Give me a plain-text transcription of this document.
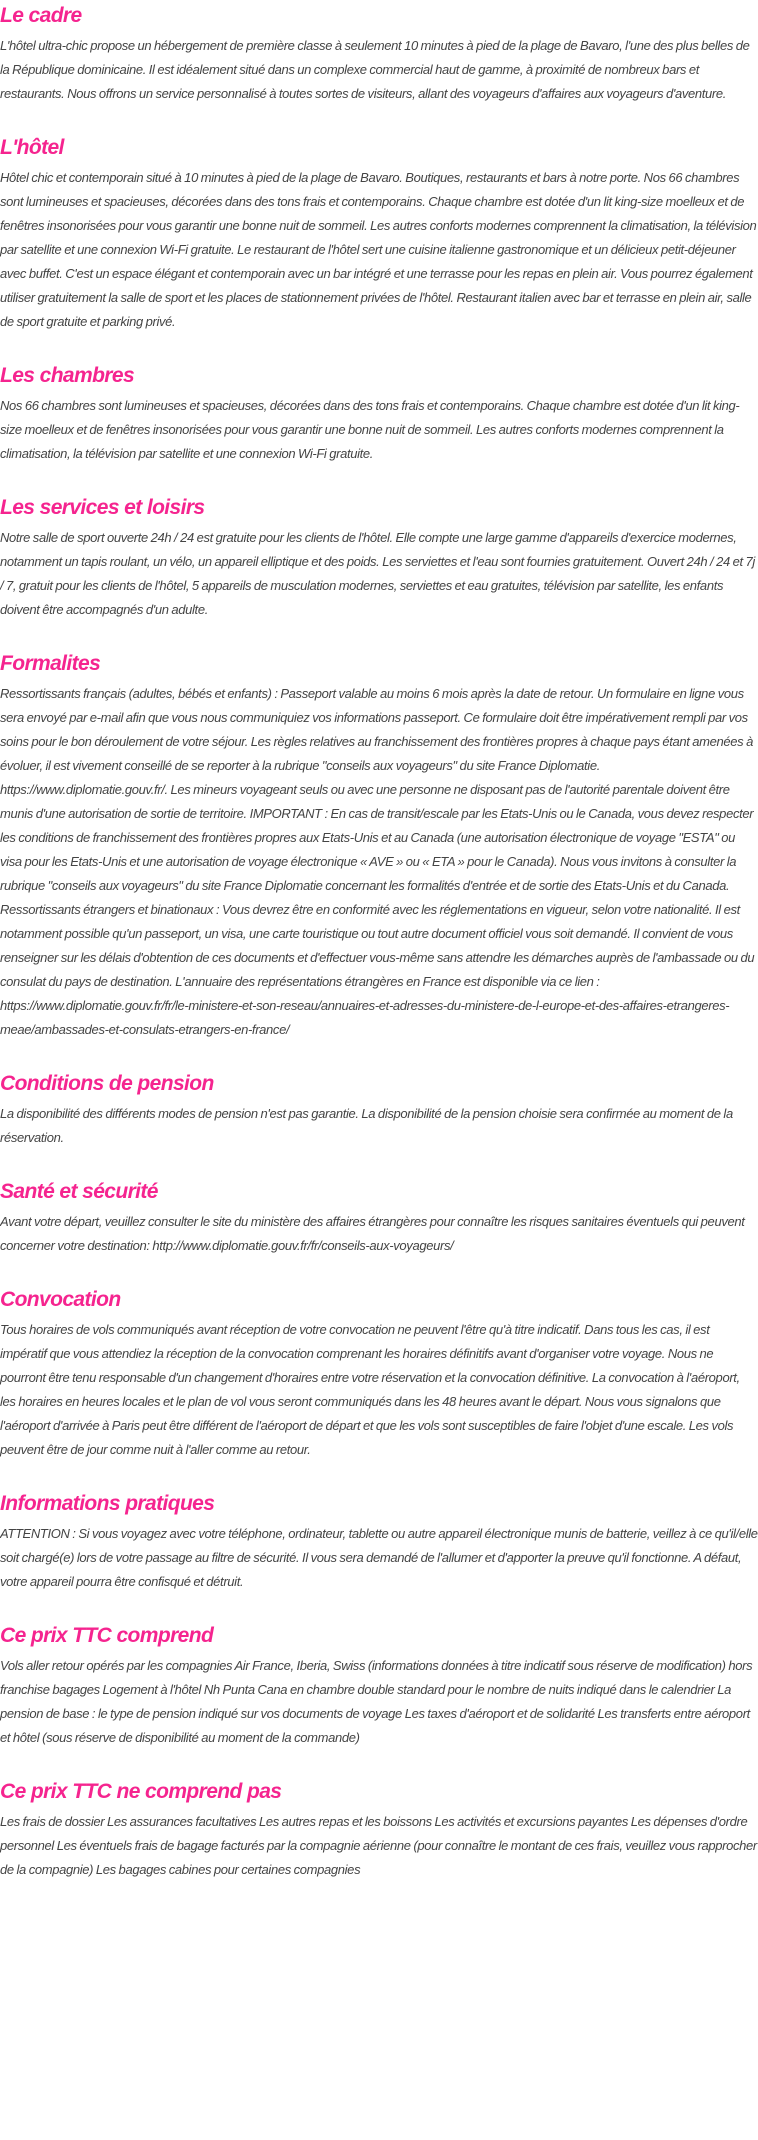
Le cadre

L'hôtel ultra-chic propose un hébergement de première classe à seulement 10 minutes à pied de la plage de Bavaro, l'une des plus belles de la République dominicaine. Il est idéalement situé dans un complexe commercial haut de gamme, à proximité de nombreux bars et restaurants. Nous offrons un service personnalisé à toutes sortes de visiteurs, allant des voyageurs d'affaires aux voyageurs d'aventure.

L'hôtel

Hôtel chic et contemporain situé à 10 minutes à pied de la plage de Bavaro. Boutiques, restaurants et bars à notre porte. Nos 66 chambres sont lumineuses et spacieuses, décorées dans des tons frais et contemporains. Chaque chambre est dotée d'un lit king-size moelleux et de fenêtres insonorisées pour vous garantir une bonne nuit de sommeil. Les autres conforts modernes comprennent la climatisation, la télévision par satellite et une connexion Wi-Fi gratuite. Le restaurant de l'hôtel sert une cuisine italienne gastronomique et un délicieux petit-déjeuner avec buffet. C'est un espace élégant et contemporain avec un bar intégré et une terrasse pour les repas en plein air. Vous pourrez également utiliser gratuitement la salle de sport et les places de stationnement privées de l'hôtel. Restaurant italien avec bar et terrasse en plein air, salle de sport gratuite et parking privé.

Les chambres

Nos 66 chambres sont lumineuses et spacieuses, décorées dans des tons frais et contemporains. Chaque chambre est dotée d'un lit king-size moelleux et de fenêtres insonorisées pour vous garantir une bonne nuit de sommeil. Les autres conforts modernes comprennent la climatisation, la télévision par satellite et une connexion Wi-Fi gratuite.

Les services et loisirs

Notre salle de sport ouverte 24h / 24 est gratuite pour les clients de l'hôtel. Elle compte une large gamme d'appareils d'exercice modernes, notamment un tapis roulant, un vélo, un appareil elliptique et des poids. Les serviettes et l'eau sont fournies gratuitement. Ouvert 24h / 24 et 7j / 7, gratuit pour les clients de l'hôtel, 5 appareils de musculation modernes, serviettes et eau gratuites, télévision par satellite, les enfants doivent être accompagnés d'un adulte.

Formalites

Ressortissants français (adultes, bébés et enfants) : Passeport valable au moins 6 mois après la date de retour. Un formulaire en ligne vous sera envoyé par e-mail afin que vous nous communiquiez vos informations passeport. Ce formulaire doit être impérativement rempli par vos soins pour le bon déroulement de votre séjour. Les règles relatives au franchissement des frontières propres à chaque pays étant amenées à évoluer, il est vivement conseillé de se reporter à la rubrique "conseils aux voyageurs" du site France Diplomatie. https://www.diplomatie.gouv.fr/. Les mineurs voyageant seuls ou avec une personne ne disposant pas de l'autorité parentale doivent être munis d'une autorisation de sortie de territoire. IMPORTANT : En cas de transit/escale par les Etats-Unis ou le Canada, vous devez respecter les conditions de franchissement des frontières propres aux Etats-Unis et au Canada (une autorisation électronique de voyage "ESTA" ou visa pour les Etats-Unis et une autorisation de voyage électronique « AVE » ou « ETA » pour le Canada). Nous vous invitons à consulter la rubrique "conseils aux voyageurs" du site France Diplomatie concernant les formalités d'entrée et de sortie des Etats-Unis et du Canada. Ressortissants étrangers et binationaux : Vous devrez être en conformité avec les réglementations en vigueur, selon votre nationalité. Il est notamment possible qu'un passeport, un visa, une carte touristique ou tout autre document officiel vous soit demandé. Il convient de vous renseigner sur les délais d'obtention de ces documents et d'effectuer vous-même sans attendre les démarches auprès de l'ambassade ou du consulat du pays de destination. L'annuaire des représentations étrangères en France est disponible via ce lien : https://www.diplomatie.gouv.fr/fr/le-ministere-et-son-reseau/annuaires-et-adresses-du-ministere-de-l-europe-et-des-affaires-etrangeres-meae/ambassades-et-consulats-etrangers-en-france/

Conditions de pension

La disponibilité des différents modes de pension n'est pas garantie. La disponibilité de la pension choisie sera confirmée au moment de la réservation.

Santé et sécurité

Avant votre départ, veuillez consulter le site du ministère des affaires étrangères pour connaître les risques sanitaires éventuels qui peuvent concerner votre destination: http://www.diplomatie.gouv.fr/fr/conseils-aux-voyageurs/

Convocation

Tous horaires de vols communiqués avant réception de votre convocation ne peuvent l'être qu'à titre indicatif. Dans tous les cas, il est impératif que vous attendiez la réception de la convocation comprenant les horaires définitifs avant d'organiser votre voyage. Nous ne pourront être tenu responsable d'un changement d'horaires entre votre réservation et la convocation définitive. La convocation à l'aéroport, les horaires en heures locales et le plan de vol vous seront communiqués dans les 48 heures avant le départ. Nous vous signalons que l'aéroport d'arrivée à Paris peut être différent de l'aéroport de départ et que les vols sont susceptibles de faire l'objet d'une escale. Les vols peuvent être de jour comme nuit à l'aller comme au retour.

Informations pratiques

ATTENTION : Si vous voyagez avec votre téléphone, ordinateur, tablette ou autre appareil électronique munis de batterie, veillez à ce qu'il/elle soit chargé(e) lors de votre passage au filtre de sécurité. Il vous sera demandé de l'allumer et d'apporter la preuve qu'il fonctionne. A défaut, votre appareil pourra être confisqué et détruit.

Ce prix TTC comprend

Vols aller retour opérés par les compagnies Air France, Iberia, Swiss (informations données à titre indicatif sous réserve de modification) hors franchise bagages Logement à l'hôtel Nh Punta Cana en chambre double standard pour le nombre de nuits indiqué dans le calendrier La pension de base : le type de pension indiqué sur vos documents de voyage Les taxes d'aéroport et de solidarité Les transferts entre aéroport et hôtel (sous réserve de disponibilité au moment de la commande)

Ce prix TTC ne comprend pas

Les frais de dossier Les assurances facultatives Les autres repas et les boissons Les activités et excursions payantes Les dépenses d'ordre personnel Les éventuels frais de bagage facturés par la compagnie aérienne (pour connaître le montant de ces frais, veuillez vous rapprocher de la compagnie) Les bagages cabines pour certaines compagnies
